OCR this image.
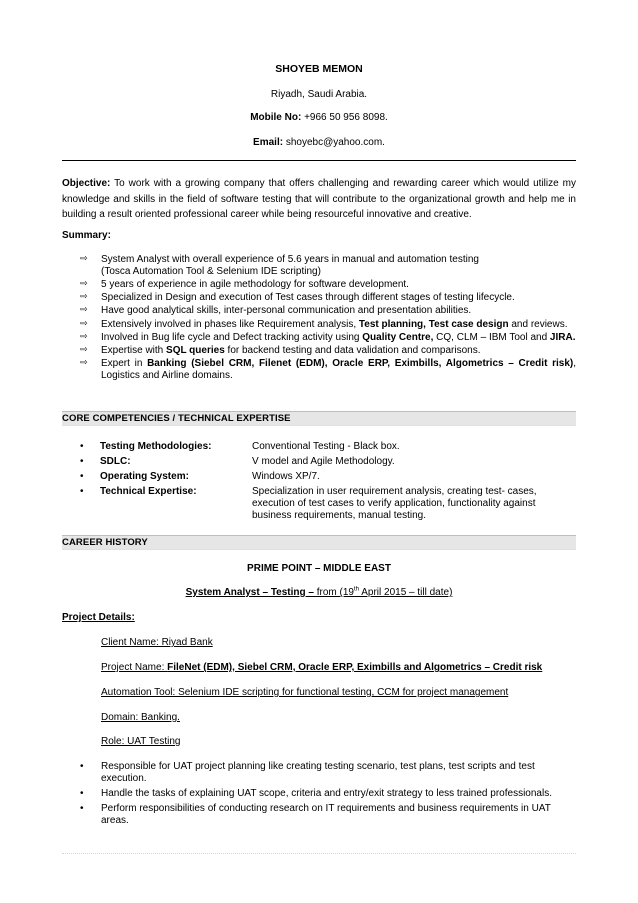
SHOYEB MEMON
Riyadh, Saudi Arabia.
Mobile No: +966 50 956 8098.
Email: shoyebc@yahoo.com.
Objective: To work with a growing company that offers challenging and rewarding career which would utilize my knowledge and skills in the field of software testing that will contribute to the organizational growth and help me in building a result oriented professional career while being resourceful innovative and creative.
Summary:
⇨ System Analyst with overall experience of 5.6 years in manual and automation testing
(Tosca Automation Tool & Selenium IDE scripting)
⇨ 5 years of experience in agile methodology for software development.
⇨ Specialized in Design and execution of Test cases through different stages of testing lifecycle.
⇨ Have good analytical skills, inter-personal communication and presentation abilities.
⇨ Extensively involved in phases like Requirement analysis, Test planning, Test case design and reviews.
⇨ Involved in Bug life cycle and Defect tracking activity using Quality Centre, CQ, CLM – IBM Tool and JIRA.
⇨ Expertise with SQL queries for backend testing and data validation and comparisons.
⇨ Expert in Banking (Siebel CRM, Filenet (EDM), Oracle ERP, Eximbills, Algometrics – Credit risk), Logistics and Airline domains.
CORE COMPETENCIES / TECHNICAL EXPERTISE
• Testing Methodologies:	Conventional Testing - Black box.
• SDLC:	V model and Agile Methodology.
• Operating System:	Windows XP/7.
• Technical Expertise:	Specialization in user requirement analysis, creating test- cases, execution of test cases to verify application, functionality against business requirements, manual testing.
CAREER HISTORY
PRIME POINT – MIDDLE EAST
System Analyst – Testing – from (19th April 2015 – till date)
Project Details:
Client Name: Riyad Bank
Project Name: FileNet (EDM), Siebel CRM, Oracle ERP, Eximbills and Algometrics – Credit risk
Automation Tool: Selenium IDE scripting for functional testing, CCM for project management
Domain: Banking.
Role: UAT Testing
• Responsible for UAT project planning like creating testing scenario, test plans, test scripts and test execution.
• Handle the tasks of explaining UAT scope, criteria and entry/exit strategy to less trained professionals.
• Perform responsibilities of conducting research on IT requirements and business requirements in UAT areas.
